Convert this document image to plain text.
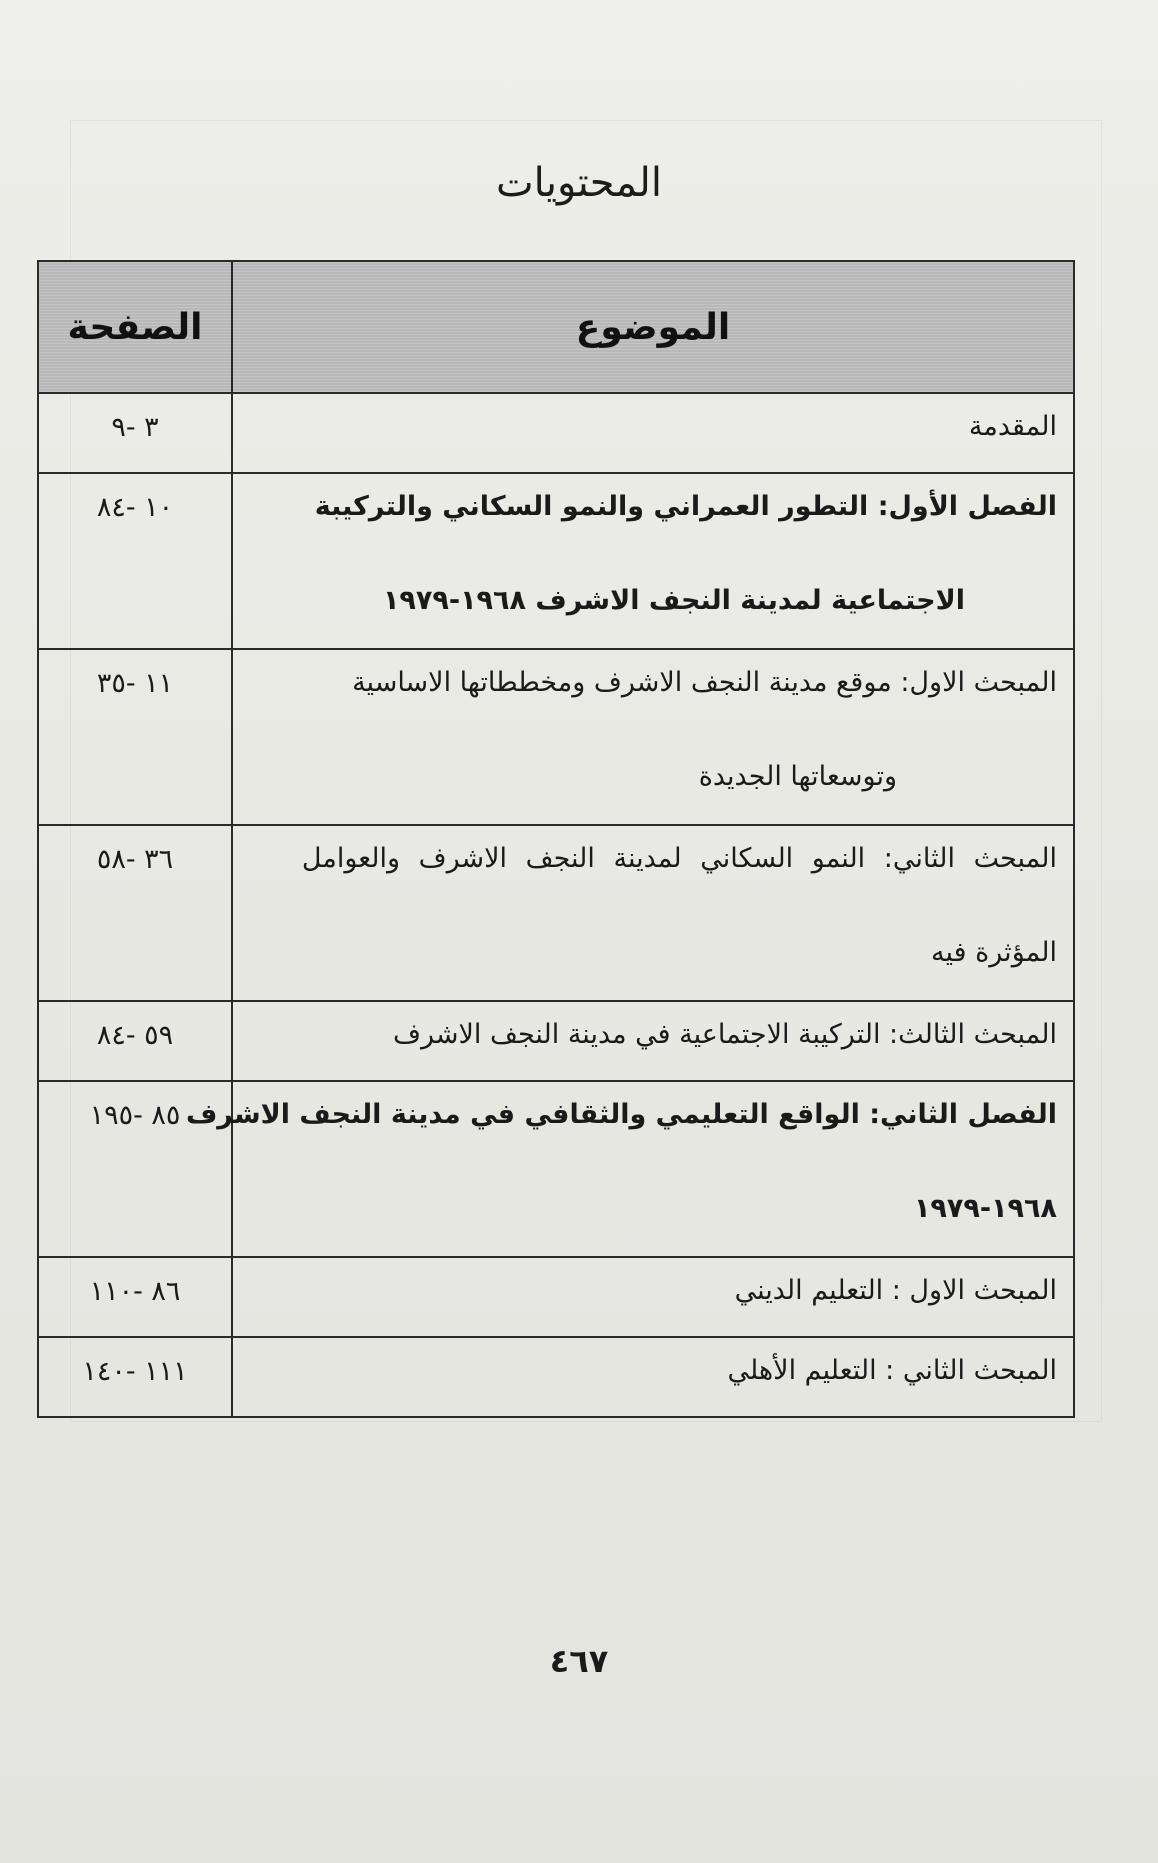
المحتويات
الموضوع	الصفحة

المقدمة	٣ -٩

الفصل الأول: التطور العمراني والنمو السكاني والتركيبة
الاجتماعية لمدينة النجف الاشرف ١٩٦٨-١٩٧٩	١٠ -٨٤

المبحث الاول: موقع مدينة النجف الاشرف ومخططاتها الاساسية
وتوسعاتها الجديدة	١١ -٣٥

المبحث الثاني: النمو السكاني لمدينة النجف الاشرف والعوامل
المؤثرة فيه	٣٦ -٥٨

المبحث الثالث: التركيبة الاجتماعية في مدينة النجف الاشرف	٥٩ -٨٤

الفصل الثاني: الواقع التعليمي والثقافي في مدينة النجف الاشرف
١٩٦٨-١٩٧٩	٨٥ -١٩٥

المبحث الاول : التعليم الديني	٨٦ -١١٠

المبحث الثاني : التعليم الأهلي	١١١ -١٤٠
٤٦٧
